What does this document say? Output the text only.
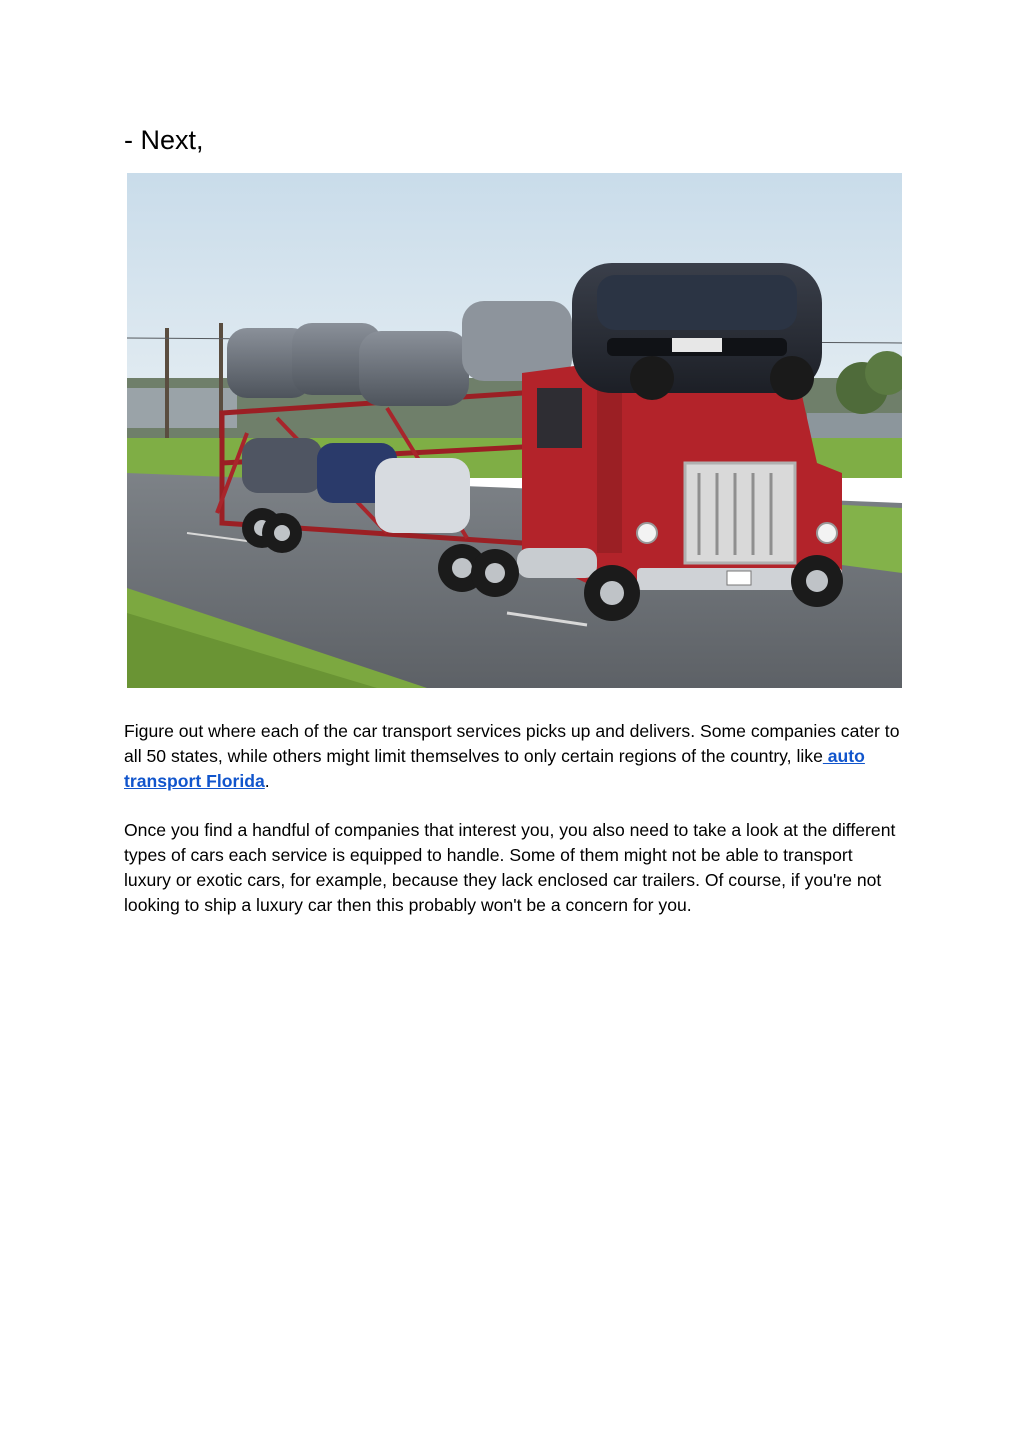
- Next,

Figure out where each of the car transport services picks up and delivers. Some companies cater to all 50 states, while others might limit themselves to only certain regions of the country, like auto transport Florida.

Once you find a handful of companies that interest you, you also need to take a look at the different types of cars each service is equipped to handle. Some of them might not be able to transport luxury or exotic cars, for example, because they lack enclosed car trailers. Of course, if you're not looking to ship a luxury car then this probably won't be a concern for you.
